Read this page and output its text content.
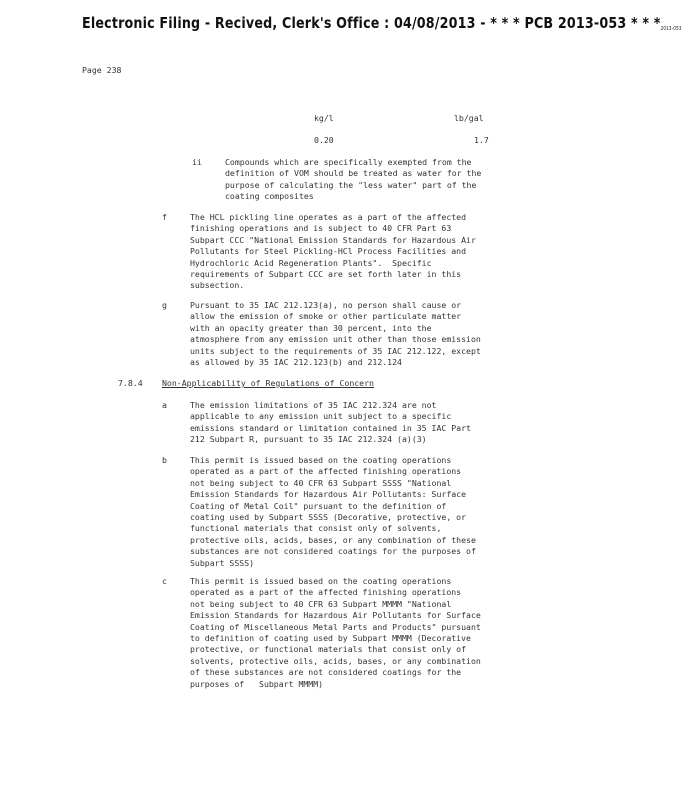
Electronic Filing - Recived, Clerk's Office : 04/08/2013 - * * * PCB 2013-053 * * *2013-053
Page 238
kg/l	lb/gal
0.20	1.7
ii	Compounds which are specifically exempted from the
definition of VOM should be treated as water for the
purpose of calculating the "less water" part of the
coating composites
f	The HCL pickling line operates as a part of the affected
finishing operations and is subject to 40 CFR Part 63
Subpart CCC "National Emission Standards for Hazardous Air
Pollutants for Steel Pickling-HCl Process Facilities and
Hydrochloric Acid Regeneration Plants".  Specific
requirements of Subpart CCC are set forth later in this
subsection.
g	Pursuant to 35 IAC 212.123(a), no person shall cause or
allow the emission of smoke or other particulate matter
with an opacity greater than 30 percent, into the
atmosphere from any emission unit other than those emission
units subject to the requirements of 35 IAC 212.122, except
as allowed by 35 IAC 212.123(b) and 212.124
7.8.4 Non-Applicability of Regulations of Concern
a	The emission limitations of 35 IAC 212.324 are not
applicable to any emission unit subject to a specific
emissions standard or limitation contained in 35 IAC Part
212 Subpart R, pursuant to 35 IAC 212.324 (a)(3)
b	This permit is issued based on the coating operations
operated as a part of the affected finishing operations
not being subject to 40 CFR 63 Subpart SSSS "National
Emission Standards for Hazardous Air Pollutants: Surface
Coating of Metal Coil" pursuant to the definition of
coating used by Subpart SSSS (Decorative, protective, or
functional materials that consist only of solvents,
protective oils, acids, bases, or any combination of these
substances are not considered coatings for the purposes of
Subpart SSSS)
c	This permit is issued based on the coating operations
operated as a part of the affected finishing operations
not being subject to 40 CFR 63 Subpart MMMM "National
Emission Standards for Hazardous Air Pollutants for Surface
Coating of Miscellaneous Metal Parts and Products" pursuant
to definition of coating used by Subpart MMMM (Decorative
protective, or functional materials that consist only of
solvents, protective oils, acids, bases, or any combination
of these substances are not considered coatings for the
purposes of   Subpart MMMM)
